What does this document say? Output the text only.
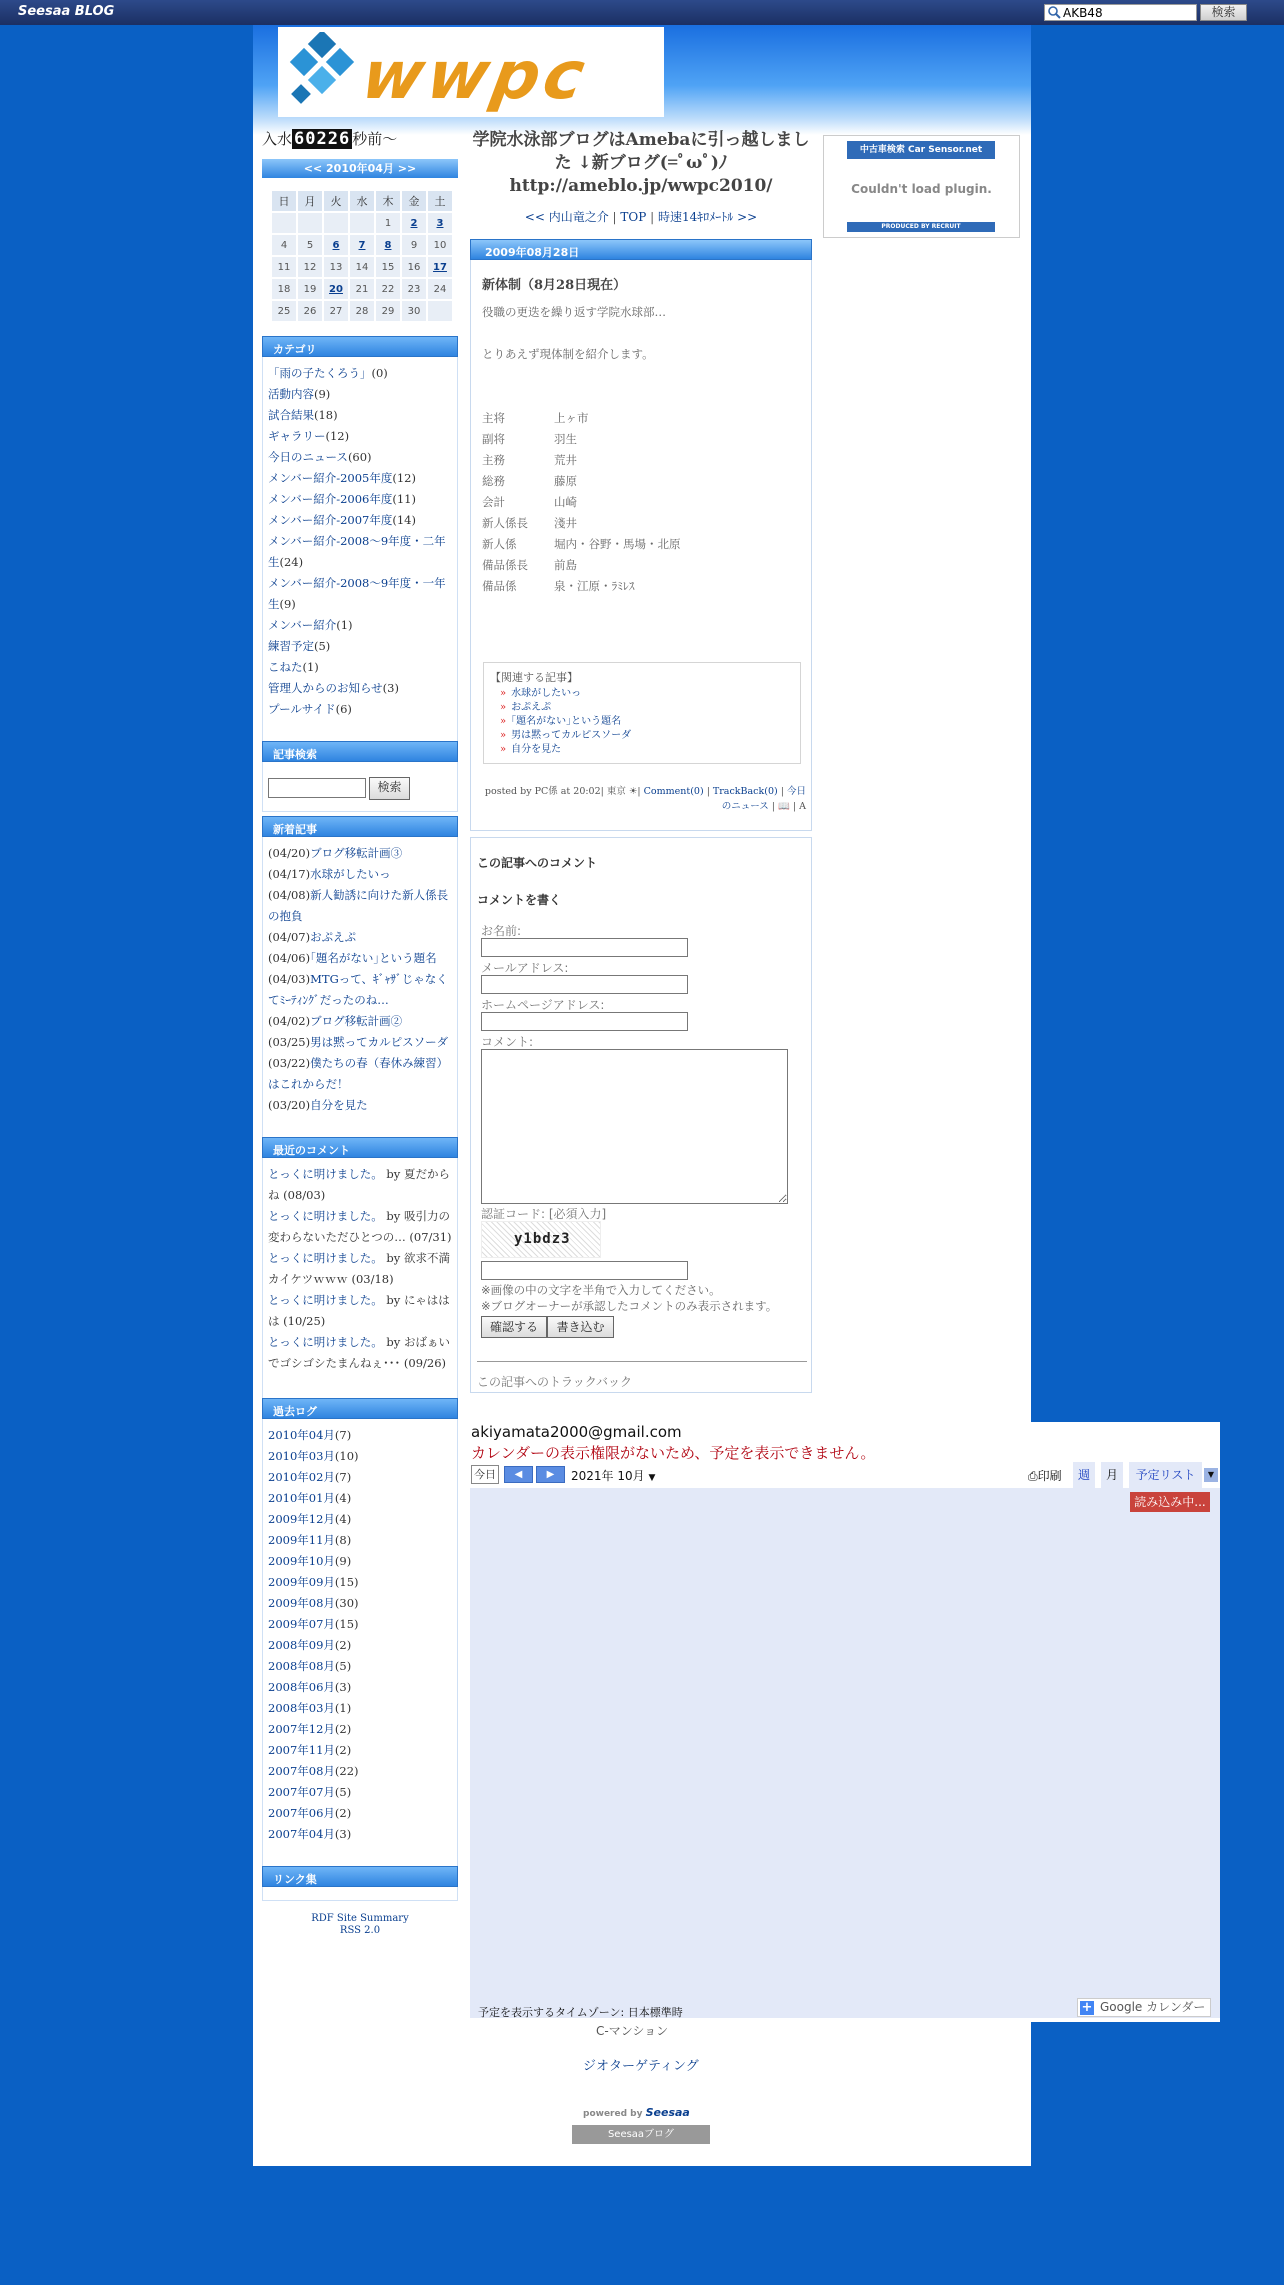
Seesaa BLOG
AKB48	検索
wwpc
入水 60226 秒前～
<< 2010年04月 >>
日	月	火	水	木	金	土
				1	2	3
4	5	6	7	8	9	10
11	12	13	14	15	16	17
18	19	20	21	22	23	24
25	26	27	28	29	30	
カテゴリ
「雨の子たくろう」(0)
活動内容(9)
試合結果(18)
ギャラリー(12)
今日のニュース(60)
メンバー紹介-2005年度(12)
メンバー紹介-2006年度(11)
メンバー紹介-2007年度(14)
メンバー紹介-2008～9年度・二年生(24)
メンバー紹介-2008～9年度・一年生(9)
メンバー紹介(1)
練習予定(5)
こねた(1)
管理人からのお知らせ(3)
プールサイド(6)
記事検索
検索
新着記事
(04/20)ブログ移転計画③
(04/17)水球がしたいっ
(04/08)新人勧誘に向けた新人係長の抱負
(04/07)おぷえぷ
(04/06)｢題名がない｣という題名
(04/03)MTGって、ｷﾞｬｻﾞじゃなくてﾐｰﾃｨﾝｸﾞだったのね…
(04/02)ブログ移転計画②
(03/25)男は黙ってカルピスソーダ
(03/22)僕たちの春（春休み練習）はこれからだ！
(03/20)自分を見た
最近のコメント
とっくに明けました。 by 夏だからね (08/03)
とっくに明けました。 by 吸引力の変わらないただひとつの… (07/31)
とっくに明けました。 by 欲求不満カイケツｗｗｗ (03/18)
とっくに明けました。 by にゃははは (10/25)
とっくに明けました。 by おばぁいでゴシゴシたまんねぇ･･･ (09/26)
過去ログ
2010年04月(7)
2010年03月(10)
2010年02月(7)
2010年01月(4)
2009年12月(4)
2009年11月(8)
2009年10月(9)
2009年09月(15)
2009年08月(30)
2009年07月(15)
2008年09月(2)
2008年08月(5)
2008年06月(3)
2008年03月(1)
2007年12月(2)
2007年11月(2)
2007年08月(22)
2007年07月(5)
2007年06月(2)
2007年04月(3)
リンク集
RDF Site Summary
RSS 2.0
学院水泳部ブログはAmebaに引っ越しました ↓新ブログ(=ﾟωﾟ)ﾉ http://ameblo.jp/wwpc2010/
<< 内山竜之介 | TOP | 時速14ｷﾛﾒｰﾄﾙ >>
2009年08月28日
新体制（8月28日現在）
役職の更迭を繰り返す学院水球部…
とりあえず現体制を紹介します。
主将	上ヶ市
副将	羽生
主務	荒井
総務	藤原
会計	山崎
新人係長	淺井
新人係	堀内・谷野・馬場・北原
備品係長	前島
備品係	泉・江原・ﾗﾐﾚｽ
【関連する記事】
» 水球がしたいっ
» おぷえぷ
» ｢題名がない｣という題名
» 男は黙ってカルピスソーダ
» 自分を見た
posted by PC係 at 20:02| 東京 ☀| Comment(0) | TrackBack(0) | 今日のニュース | 📖 | A
この記事へのコメント
コメントを書く
お名前:
メールアドレス:
ホームページアドレス:
コメント:
認証コード: [必須入力]
y1bdz3
※画像の中の文字を半角で入力してください。
※ブログオーナーが承認したコメントのみ表示されます。
確認する	書き込む
この記事へのトラックバック
中古車検索 Car Sensor.net
Couldn't load plugin.
PRODUCED BY RECRUIT
C-マンション
ジオターゲティング
powered by Seesaa
Seesaaブログ
akiyamata2000@gmail.com
カレンダーの表示権限がないため、予定を表示できません。
今日	◀	▶	2021年 10月 ▼	⎙印刷	週	月	予定リスト	▼
読み込み中...
予定を表示するタイムゾーン: 日本標準時	+ Google カレンダー
